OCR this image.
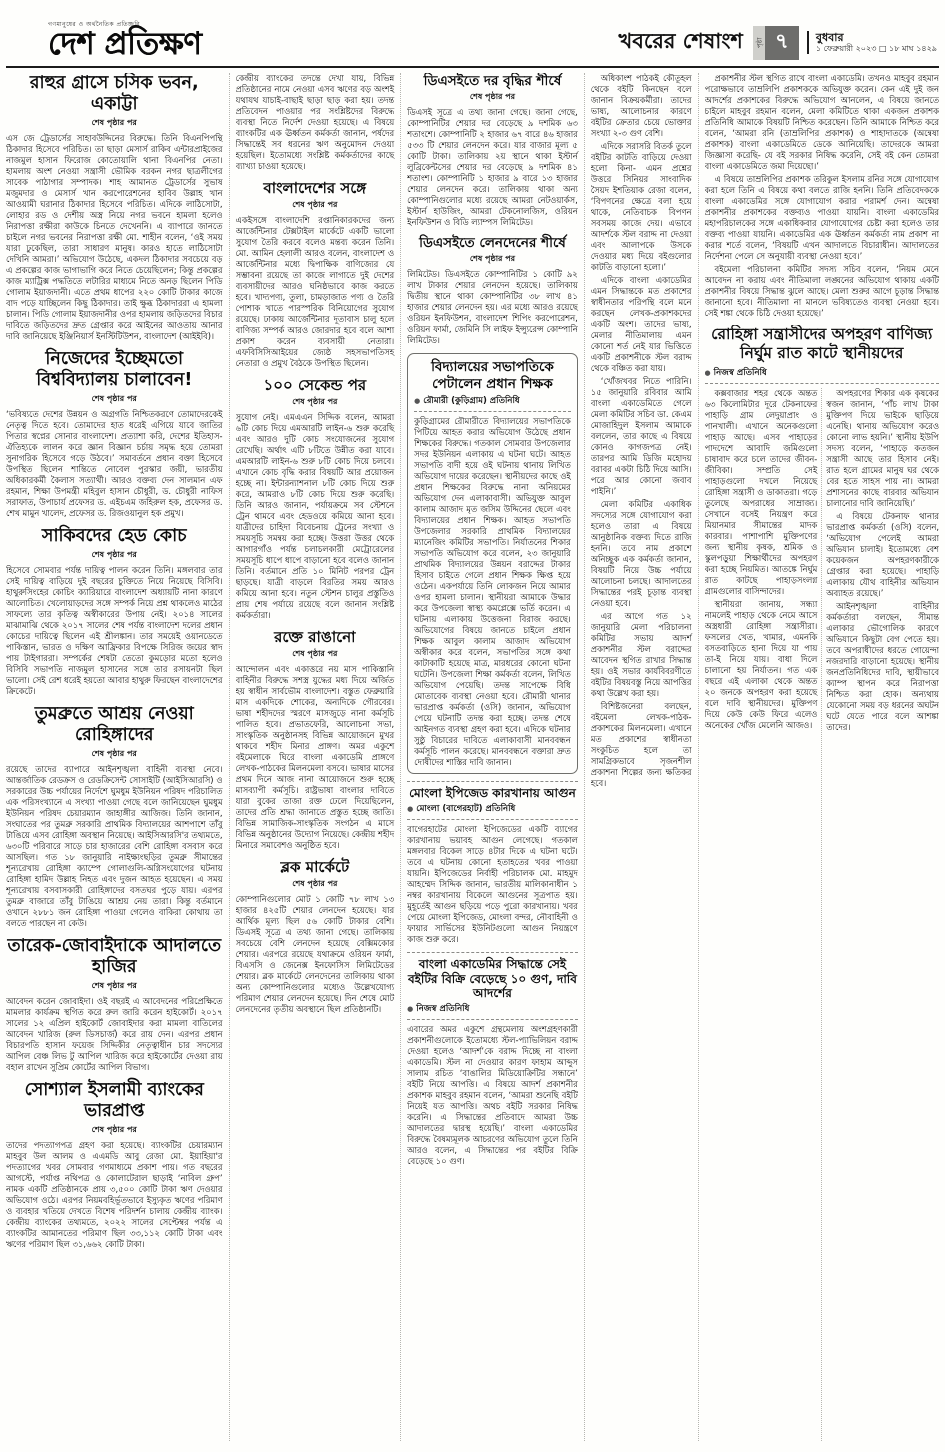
গণমানুষের ও অর্থনৈতিক প্রতিচ্ছবি
দেশ প্রতিক্ষণ	খবরের শেষাংশ	পৃষ্ঠা ৭	বুধবার
১ ফেব্রুয়ারী ২০২৩ □ ১৮ মাঘ ১৪২৯
রাহুর গ্রাসে চসিক ভবন, একাট্টা
শেষ পৃষ্ঠার পর
এস জে ট্রেডার্সের সাহাবউদ্দিনের বিরুদ্ধে। তিনি বিএনপিপন্থি ঠিকাদার হিসেবে পরিচিত। তা ছাড়া মেসার্স রাকিব এন্টারপ্রাইজের নাজমুল হাসান ফিরোজ কোতোয়ালি থানা বিএনপির নেতা। হামলায় অংশ নেওয়া সন্ত্রাসী ভৌমিক বরকন নগর ছাত্রলীগের সাবেক পাঠাগার সম্পাদক। শাহ আমানত ট্রেডার্সের সুভাষ মজুমদার ও মেসার্স খান করপোরেশনের হাবিব উল্লাহ খান আওয়ামী ঘরানার ঠিকাদার হিসেবে পরিচিত। এদিকে লাঠিসোটা, লোহার রড ও দেশীয় অস্ত্র নিয়ে নগর ভবনে হামলা হলেও নিরাপত্তা রক্ষীরা কাউকে চিনতে দেখেননি। এ ব্যাপারে জানতে চাইলে নগর ভবনের নিরাপত্তা রক্ষী মো. শাহীন বলেন, ‘ওই সময় যারা ঢুকেছিল, তারা সাধারণ মানুষ। কারও হাতে লাঠিসোটা দেখিনি আমরা।’ অভিযোগ উঠেছে, একদল ঠিকাদার সবচেয়ে বড় এ প্রকল্পের কাজ ভাগাভাগি করে নিতে চেয়েছিলেন; কিন্তু প্রকল্পের কাজ ম্যাট্রিক্স পদ্ধতিতে লটারির মাধ্যমে নিতে অনড় ছিলেন পিডি গোলাম ইয়াজদানী। এতে প্রথম ধাপের ২২০ কোটি টাকার কাজে বাদ পড়ে যাচ্ছিলেন কিছু ঠিকাদার। তাই ক্ষুব্ধ ঠিকাদাররা এ হামলা চালান। পিডি গোলাম ইয়াজদানীর ওপর হামলায় জড়িতদের বিচার দাবিতে জড়িতদের দ্রুত গ্রেপ্তার করে আইনের আওতায় আনার দাবি জানিয়েছে ইঞ্জিনিয়ার্স ইনস্টিটিউশন, বাংলাদেশ (আইইবি)।
নিজেদের ইচ্ছেমতো বিশ্ববিদ্যালয় চালাবেন!
শেষ পৃষ্ঠার পর
‘ভবিষ্যতে দেশের উন্নয়ন ও অগ্রগতি নিশ্চিতকরণে তোমাদেরকেই নেতৃত্ব দিতে হবে। তোমাদের হাত ধরেই এগিয়ে যাবে জাতির পিতার স্বপ্নের সোনার বাংলাদেশ। প্রত্যাশা করি, দেশের ইতিহাস-ঐতিহ্যকে লালন করে জ্ঞান বিজ্ঞান চর্চায় সমৃদ্ধ হয়ে তোমরা সুনাগরিক হিসেবে গড়ে উঠবে।’ সমাবর্তনে প্রধান বক্তা হিসেবে উপস্থিত ছিলেন শান্তিতে নোবেল পুরস্কার জয়ী, ভারতীয় অধিকারকর্মী কৈলাস সত্যার্থী। আরও বক্তব্য দেন সালমান এফ রহমান, শিক্ষা উপমন্ত্রী মহিবুল হাসান চৌধুরী, ড. চৌধুরী নাফিস সরাফাত, উপাচার্য প্রফেসর ড. এইচএম জহিরুল হক, প্রফেসর ড. শেখ মামুন খালেদ, প্রফেসর ড. রিজওয়ানুল হক প্রমুখ।
সাকিবদের হেড কোচ
শেষ পৃষ্ঠার পর
হিসেবে সোমবার পর্যন্ত দায়িত্ব পালন করেন তিনি। মঙ্গলবার তার সেই দায়িত্ব বাড়িয়ে দুই বছরের চুক্তিতে নিয়ে নিয়েছে বিসিবি। হাথুরুসিংহের কোচিং ক্যারিয়ারে বাংলাদেশ অধ্যায়টি নানা কারণে আলোচিত। খেলোয়াড়দের সঙ্গে সম্পর্ক নিয়ে প্রশ্ন থাকলেও মাঠের সাফল্যে তার কৃতিত্ব অস্বীকারের উপায় নেই। ২০১৪ সালের মাঝামাঝি থেকে ২০১৭ সালের শেষ পর্যন্ত বাংলাদেশ দলের প্রধান কোচের দায়িত্বে ছিলেন এই শ্রীলঙ্কান। তার সময়েই ওয়ানডেতে পাকিস্তান, ভারত ও দক্ষিণ আফ্রিকার বিপক্ষে সিরিজ জয়ের স্বাদ পায় টাইগাররা। সম্পর্কের শেষটা তেতো কুমড়োর মতো হলেও বিসিবি সভাপতি নাজমুল হাসানের সঙ্গে তার রসায়নটা ছিল ভালো। সেই রেশ ধরেই হয়তো আবার হাথুরু ফিরছেন বাংলাদেশের ক্রিকেটে।
তুমব্রুতে আশ্রয় নেওয়া রোহিঙ্গাদের
শেষ পৃষ্ঠার পর
রয়েছে তাদের ব্যাপারে আইনশৃঙ্খলা বাহিনী ব্যবস্থা নেবে। আন্তর্জাতিক রেডক্রস ও রেডক্রিসেন্ট সোসাইটি (আইসিআরসি) ও সরকারের উচ্চ পর্যায়ের নির্দেশে ঘুমধুম ইউনিয়ন পরিষদ পরিচালিত এক পরিসংখ্যানে এ সংখ্যা পাওয়া গেছে বলে জানিয়েছেন ঘুমধুম ইউনিয়ন পরিষদ চেয়ারম্যান জাহাঙ্গীর আজিজ। তিনি জানান, সংঘাতের পর তুমব্রু সরকারি প্রাথমিক বিদ্যালয়ের আশপাশে তাঁবু টাঙিয়ে এসব রোহিঙ্গা অবস্থান নিয়েছে। আইসিআরসি'র তথ্যমতে, ৬৩০টি পরিবারে সাড়ে চার হাজারের বেশি রোহিঙ্গা বসবাস করে আসছিল। গত ১৮ জানুয়ারি নাইক্ষ্যংছড়ির তুমব্রু সীমান্তের শূন্যরেখায় রোহিঙ্গা ক্যাম্পে গোলাগুলি-অগ্নিসংযোগের ঘটনায় রোহিঙ্গা হামিদ উল্লাহ নিহত এবং দুজন আহত হয়েছেন। এ সময় শূন্যরেখায় বসবাসকারী রোহিঙ্গাদের বসতঘর পুড়ে যায়। এরপর তুমব্রু বাজারে তাঁবু টাঙিয়ে আশ্রয় নেয় তারা। কিন্তু বর্তমানে ওখানে ২৮৮১ জন রোহিঙ্গা পাওয়া গেলেও বাকিরা কোথায় তা বলতে পারছেন না কেউ।
তারেক-জোবাইদাকে আদালতে হাজির
শেষ পৃষ্ঠার পর
আবেদন করেন জোবাইদা। ওই বছরই এ আবেদনের পরিপ্রেক্ষিতে মামলার কার্যক্রম স্থগিত করে রুল জারি করেন হাইকোর্ট। ২০১৭ সালের ১২ এপ্রিল হাইকোর্ট জোবাইদার করা মামলা বাতিলের আবেদন খারিজ (রুল ডিসচার্জ) করে রায় দেন। এরপর প্রধান বিচারপতি হাসান ফয়েজ সিদ্দিকীর নেতৃত্বাধীন চার সদস্যের আপিল বেঞ্চ লিভ টু আপিল খারিজ করে হাইকোর্টের দেওয়া রায় বহাল রাখেন সুপ্রিম কোর্টের আপিল বিভাগ।
সোশ্যাল ইসলামী ব্যাংকের ভারপ্রাপ্ত
শেষ পৃষ্ঠার পর
তাদের পদত্যাগপত্র গ্রহণ করা হয়েছে। ব্যাংকটির চেয়ারম্যান মাহবুব উল আলম ও এএমডি আবু রেজা মো. ইয়াহিয়া'র পদত্যাগের খবর সোমবার গণমাধ্যমে প্রকাশ পায়। গত বছরের আগস্টে, পর্যাপ্ত নথিপত্র ও কোলাটেরাল ছাড়াই ‘নাবিল গ্রুপ’ নামক একটি প্রতিষ্ঠানকে প্রায় ৩,৫০০ কোটি টাকা ঋণ দেওয়ার অভিযোগ ওঠে। এরপর নিয়মবহির্ভূতভাবে ইস্যুকৃত ঋণের পরিমাণ ও ব্যবহার খতিয়ে দেখতে বিশেষ পরিদর্শন চালায় কেন্দ্রীয় ব্যাংক। কেন্দ্রীয় ব্যাংকের তথ্যমতে, ২০২২ সালের সেপ্টেম্বর পর্যন্ত এ ব্যাংকটির আমানতের পরিমাণ ছিল ৩৩,১১২ কোটি টাকা এবং ঋণের পরিমাণ ছিল ৩১,৬৬২ কোটি টাকা।
কেন্দ্রীয় ব্যাংকের তদন্তে দেখা যায়, বিভিন্ন প্রতিষ্ঠানের নামে নেওয়া এসব ঋণের বড় অংশই যথাযথ যাচাই-বাছাই ছাড়া ছাড় করা হয়। তদন্ত প্রতিবেদন পাওয়ার পর সংশ্লিষ্টদের বিরুদ্ধে ব্যবস্থা নিতে নির্দেশ দেওয়া হয়েছে। এ বিষয়ে ব্যাংকটির এক ঊর্ধ্বতন কর্মকর্তা জানান, পর্ষদের সিদ্ধান্তেই সব ধরনের ঋণ অনুমোদন দেওয়া হয়েছিল। ইতোমধ্যে সংশ্লিষ্ট কর্মকর্তাদের কাছে ব্যাখ্যা চাওয়া হয়েছে।
বাংলাদেশের সঙ্গে
শেষ পৃষ্ঠার পর
একইসঙ্গে বাংলাদেশি রপ্তানিকারকদের জন্য আর্জেন্টিনার টেক্সটাইল মার্কেটে একটি ভালো সুযোগ তৈরি করবে বলেও মন্তব্য করেন তিনি। মো. আমিন হেলালী আরও বলেন, বাংলাদেশ ও আর্জেন্টিনার মধ্যে দ্বিপাক্ষিক বাণিজ্যের যে সম্ভাবনা রয়েছে তা কাজে লাগাতে দুই দেশের ব্যবসায়ীদের আরও ঘনিষ্ঠভাবে কাজ করতে হবে। খাদ্যপণ্য, তুলা, চামড়াজাত পণ্য ও তৈরি পোশাক খাতে পারস্পরিক বিনিয়োগের সুযোগ রয়েছে। ঢাকায় আর্জেন্টিনার দূতাবাস চালু হলে বাণিজ্য সম্পর্ক আরও জোরদার হবে বলে আশা প্রকাশ করেন ব্যবসায়ী নেতারা। এফবিসিসিআইয়ের জ্যেষ্ঠ সহসভাপতিসহ নেতারা ও প্রমুখ বৈঠকে উপস্থিত ছিলেন।
১০০ সেকেন্ড পর
শেষ পৃষ্ঠার পর
সুযোগ নেই। এমএএন সিদ্দিক বলেন, আমরা ৬টি কোচ দিয়ে এমআরটি লাইন-৬ শুরু করেছি এবং আরও দুটি কোচ সংযোজনের সুযোগ রেখেছি। অর্থাৎ এটি ৮টিতে উন্নীত করা যাবে। এমআরটি লাইন-৬ শুরু ৮টি কোচ দিয়ে চলবে। এখানে কোচ বৃদ্ধি করার বিষয়টি আর প্রয়োজন হচ্ছে না। ইন্টারন্যাশনাল ৮টি কোচ দিয়ে শুরু করে, আমরাও ৮টি কোচ দিয়ে শুরু করেছি। তিনি আরও জানান, পর্যায়ক্রমে সব স্টেশনে ট্রেন থামবে এবং হেডওয়ে কমিয়ে আনা হবে। যাত্রীদের চাহিদা বিবেচনায় ট্রেনের সংখ্যা ও সময়সূচি সমন্বয় করা হচ্ছে। উত্তরা উত্তর থেকে আগারগাঁও পর্যন্ত চলাচলকারী মেট্রোরেলের সময়সূচি ধাপে ধাপে বাড়ানো হবে বলেও জানান তিনি। বর্তমানে প্রতি ১০ মিনিট পরপর ট্রেন ছাড়ছে। যাত্রী বাড়লে বিরতির সময় আরও কমিয়ে আনা হবে। নতুন স্টেশন চালুর প্রস্তুতিও প্রায় শেষ পর্যায়ে রয়েছে বলে জানান সংশ্লিষ্ট কর্মকর্তারা।
রক্তে রাঙানো
শেষ পৃষ্ঠার পর
আন্দোলন এবং একাত্তরে নয় মাস পাকিস্তানি বাহিনীর বিরুদ্ধে সশস্ত্র যুদ্ধের মধ্য দিয়ে অর্জিত হয় স্বাধীন সার্বভৌম বাংলাদেশ। বস্তুত ফেব্রুয়ারি মাস একদিকে শোকের, অন্যদিকে গৌরবের। ভাষা শহীদদের স্মরণে মাসজুড়ে নানা কর্মসূচি পালিত হবে। প্রভাতফেরি, আলোচনা সভা, সাংস্কৃতিক অনুষ্ঠানসহ বিভিন্ন আয়োজনে মুখর থাকবে শহীদ মিনার প্রাঙ্গণ। অমর একুশে বইমেলাকে ঘিরে বাংলা একাডেমি প্রাঙ্গণে লেখক-পাঠকের মিলনমেলা বসবে। ভাষার মাসের প্রথম দিনে আজ নানা আয়োজনে শুরু হচ্ছে মাসব্যাপী কর্মসূচি। রাষ্ট্রভাষা বাংলার দাবিতে যারা বুকের তাজা রক্ত ঢেলে দিয়েছিলেন, তাদের প্রতি শ্রদ্ধা জানাতে প্রস্তুত হচ্ছে জাতি। বিভিন্ন সামাজিক-সাংস্কৃতিক সংগঠন এ মাসে বিভিন্ন অনুষ্ঠানের উদ্যোগ নিয়েছে। কেন্দ্রীয় শহীদ মিনারে সমাবেশও অনুষ্ঠিত হবে।
ব্লক মার্কেটে
শেষ পৃষ্ঠার পর
কোম্পানিগুলোর মোট ১ কোটি ৭৮ লাখ ১৩ হাজার ৪২৫টি শেয়ার লেনদেন হয়েছে। যার আর্থিক মূল্য ছিল ৫৬ কোটি টাকার বেশি। ডিএসই সূত্রে এ তথ্য জানা গেছে। তালিকায় সবচেয়ে বেশি লেনদেন হয়েছে বেক্সিমকোর শেয়ার। এরপরে রয়েছে যথাক্রমে ওরিয়ন ফার্মা, বিএসসি ও জেনেক্স ইনফোসিস লিমিটেডের শেয়ার। ব্লক মার্কেটে লেনদেনের তালিকায় থাকা অন্য কোম্পানিগুলোর মধ্যেও উল্লেখযোগ্য পরিমাণ শেয়ার লেনদেন হয়েছে। দিন শেষে মোট লেনদেনের তৃতীয় অবস্থানে ছিল প্রতিষ্ঠানটি।
ডিএসইতে দর বৃদ্ধির শীর্ষে
শেষ পৃষ্ঠার পর
ডিএসই সূত্রে এ তথ্য জানা গেছে। জানা গেছে, কোম্পানিটির শেয়ার দর বেড়েছে ৯ দশমিক ৬৩ শতাংশে। কোম্পানিটি ২ হাজার ৬৭ বারে ৪৬ হাজার ৫৩৩ টি শেয়ার লেনদেন করে। যার বাজার মূল্য ৫ কোটি টাকা। তালিকায় ২য় স্থানে থাকা ইস্টার্ন লুব্রিকেন্টসের শেয়ার দর বেড়েছে ৯ দশমিক ৪১ শতাংশ। কোম্পানিটি ১ হাজার ৯ বারে ১৩ হাজার শেয়ার লেনদেন করে। তালিকায় থাকা অন্য কোম্পানিগুলোর মধ্যে রয়েছে আমরা নেটওয়ার্কস, ইস্টার্ন হাউজিং, আমরা টেকনোলজিস, ওরিয়ন ইনফিউশন ও বিডি ল্যাম্পস লিমিটেড।
ডিএসইতে লেনদেনের শীর্ষে
শেষ পৃষ্ঠার পর
লিমিটেড। ডিএসইতে কোম্পানিটির ১ কোটি ৯২ লাখ টাকার শেয়ার লেনদেন হয়েছে। তালিকায় দ্বিতীয় স্থানে থাকা কোম্পানিটির ৩৮ লাখ ৪১ হাজার শেয়ার লেনদেন হয়। এর মধ্যে আরও রয়েছে ওরিয়ন ইনফিউশন, বাংলাদেশ শিপিং করপোরেশন, ওরিয়ন ফার্মা, জেমিনি সি লাইফ ইন্স্যুরেন্স কোম্পানি লিমিটেড।
বিদ্যালয়ের সভাপতিকে পেটালেন প্রধান শিক্ষক
● রৌমারী (কুড়িগ্রাম) প্রতিনিধি
কুড়িগ্রামের রৌমারীতে বিদ্যালয়ের সভাপতিকে পিটিয়ে আহত করার অভিযোগ উঠেছে প্রধান শিক্ষকের বিরুদ্ধে। গতকাল সোমবার উপজেলার সদর ইউনিয়ন এলাকায় এ ঘটনা ঘটে। আহত সভাপতি বাদী হয়ে ওই ঘটনায় থানায় লিখিত অভিযোগ দায়ের করেছেন। স্থানীয়দের কাছে ওই প্রধান শিক্ষকের বিরুদ্ধে নানা অনিয়মের অভিযোগ দেন এলাকাবাসী। অভিযুক্ত আবুল কালাম আজাদ মৃত জসিম উদ্দিনের ছেলে এবং বিদ্যালয়ের প্রধান শিক্ষক। আহত সভাপতি উপজেলার সরকারি প্রাথমিক বিদ্যালয়ের ম্যানেজিং কমিটির সভাপতি। নির্যাতনের শিকার সভাপতি অভিযোগ করে বলেন, ২৩ জানুয়ারি প্রাথমিক বিদ্যালয়ের উন্নয়ন বরাদ্দের টাকার হিসাব চাইতে গেলে প্রধান শিক্ষক ক্ষিপ্ত হয়ে ওঠেন। একপর্যায়ে তিনি লোকজন নিয়ে আমার ওপর হামলা চালান। স্থানীয়রা আমাকে উদ্ধার করে উপজেলা স্বাস্থ্য কমপ্লেক্সে ভর্তি করেন। এ ঘটনায় এলাকায় উত্তেজনা বিরাজ করছে। অভিযোগের বিষয়ে জানতে চাইলে প্রধান শিক্ষক আবুল কালাম আজাদ অভিযোগ অস্বীকার করে বলেন, সভাপতির সঙ্গে কথা কাটাকাটি হয়েছে মাত্র, মারধরের কোনো ঘটনা ঘটেনি। উপজেলা শিক্ষা কর্মকর্তা বলেন, লিখিত অভিযোগ পেয়েছি। তদন্ত সাপেক্ষে বিধি মোতাবেক ব্যবস্থা নেওয়া হবে। রৌমারী থানার ভারপ্রাপ্ত কর্মকর্তা (ওসি) জানান, অভিযোগ পেয়ে ঘটনাটি তদন্ত করা হচ্ছে। তদন্ত শেষে আইনগত ব্যবস্থা গ্রহণ করা হবে। এদিকে ঘটনার সুষ্ঠু বিচারের দাবিতে এলাকাবাসী মানববন্ধন কর্মসূচি পালন করেছে। মানববন্ধনে বক্তারা দ্রুত দোষীদের শাস্তির দাবি জানান।
মোংলা ইপিজেড কারখানায় আগুন
● মোংলা (বাগেরহাট) প্রতিনিধি
বাগেরহাটের মোংলা ইপিজেডের একটি ব্যাগের কারখানায় ভয়াবহ আগুন লেগেছে। গতকাল মঙ্গলবার বিকেল সাড়ে ৪টার দিকে এ ঘটনা ঘটে। তবে এ ঘটনায় কোনো হতাহতের খবর পাওয়া যায়নি। ইপিজেডের নির্বাহী পরিচালক মো. মাহমুদ আহম্মেদ সিদ্দিক জানান, ভারতীয় মালিকানাধীন ১ নম্বর কারখানায় বিকেলে আগুনের সূত্রপাত হয়। মুহূর্তেই আগুন ছড়িয়ে পড়ে পুরো কারখানায়। খবর পেয়ে মোংলা ইপিজেড, মোংলা বন্দর, নৌবাহিনী ও ফায়ার সার্ভিসের ইউনিটগুলো আগুন নিয়ন্ত্রণে কাজ শুরু করে।
বাংলা একাডেমির সিদ্ধান্তে সেই বইটির বিক্রি বেড়েছে ১০ গুণ, দাবি আদর্শের
● নিজস্ব প্রতিনিধি
এবারের অমর একুশে গ্রন্থমেলায় অংশগ্রহণকারী প্রকাশনীগুলোকে ইতোমধ্যে স্টল-প্যাভিলিয়ন বরাদ্দ দেওয়া হলেও ‘আদর্শ’কে বরাদ্দ দিচ্ছে না বাংলা একাডেমি। স্টল না দেওয়ার কারণ ফাহাম আব্দুস সালাম রচিত ‘বাঙালির মিডিয়োক্রিটির সন্ধানে’ বইটি নিয়ে আপত্তি। এ বিষয়ে আদর্শ প্রকাশনীর প্রকাশক মাহবুব রহমান বলেন, ‘আমরা শুনেছি বইটি নিয়েই যত আপত্তি। অথচ বইটি সরকার নিষিদ্ধ করেনি। এ সিদ্ধান্তের প্রতিবাদে আমরা উচ্চ আদালতের দ্বারস্থ হয়েছি।’ বাংলা একাডেমির বিরুদ্ধে বৈষম্যমূলক আচরণের অভিযোগ তুলে তিনি আরও বলেন, এ সিদ্ধান্তের পর বইটির বিক্রি বেড়েছে ১০ গুণ।

অধিকাংশ পাঠকই কৌতূহল থেকে বইটি কিনছেন বলে জানান বিক্রয়কর্মীরা। তাদের ভাষ্য, আলোচনার কারণে বইটির ক্রেতার চেয়ে ভোক্তার সংখ্যা ২-৩ গুণ বেশি।

এদিকে সরাসরি বিতর্ক তুলে বইটির কাটতি বাড়িয়ে দেওয়া হলো কিনা- এমন প্রশ্নের উত্তরে সিনিয়র সাংবাদিক সৈয়দ ইশতিয়াক রেজা বলেন, ‘বিপণনের ক্ষেত্রে বলা হয়ে থাকে, নেতিবাচক বিপণন সবসময় কাজে দেয়। এভাবে আদর্শকে স্টল বরাদ্দ না দেওয়া এবং আলাপকে উসকে দেওয়ার মধ্য দিয়ে বইগুলোর কাটতি বাড়ানো হলো।’

এদিকে বাংলা একাডেমির এমন সিদ্ধান্তকে মত প্রকাশের স্বাধীনতার পরিপন্থি বলে মনে করছেন লেখক-প্রকাশকদের একটি অংশ। তাদের ভাষ্য, মেলার নীতিমালায় এমন কোনো শর্ত নেই যার ভিত্তিতে একটি প্রকাশনীকে স্টল বরাদ্দ থেকে বঞ্চিত করা যায়।

‘খোঁজখবর নিতে পারিনি। ১৫ জানুয়ারি রবিবার আমি বাংলা একাডেমিতে গেলে মেলা কমিটির সচিব ডা. কেএম মোজাহিদুল ইসলাম আমাকে বললেন, তার কাছে এ বিষয়ে কোনও কাগজপত্র নেই। তারপর আমি ডিজি মহোদয় বরাবর একটা চিঠি দিয়ে আসি। পরে আর কোনো জবাব পাইনি।’

মেলা কমিটির একাধিক সদস্যের সঙ্গে যোগাযোগ করা হলেও তারা এ বিষয়ে আনুষ্ঠানিক বক্তব্য দিতে রাজি হননি। তবে নাম প্রকাশে অনিচ্ছুক এক কর্মকর্তা জানান, বিষয়টি নিয়ে উচ্চ পর্যায়ে আলোচনা চলছে। আদালতের সিদ্ধান্তের পরই চূড়ান্ত ব্যবস্থা নেওয়া হবে।

এর আগে গত ১২ জানুয়ারি মেলা পরিচালনা কমিটির সভায় আদর্শ প্রকাশনীর স্টল বরাদ্দের আবেদন স্থগিত রাখার সিদ্ধান্ত হয়। ওই সভার কার্যবিবরণীতে বইটির বিষয়বস্তু নিয়ে আপত্তির কথা উল্লেখ করা হয়।

বিশিষ্টজনেরা বলছেন, বইমেলা লেখক-পাঠক-প্রকাশকের মিলনমেলা। এখানে মত প্রকাশের স্বাধীনতা সংকুচিত হলে তা সামগ্রিকভাবে সৃজনশীল প্রকাশনা শিল্পের জন্য ক্ষতিকর হবে।

প্রকাশনীর স্টল স্থগিত রাখে বাংলা একাডেমি। তখনও মাহবুব রহমান পরোক্ষভাবে তাম্রলিপি প্রকাশককে অভিযুক্ত করেন। কেন এই দুই জন আদর্শের প্রকাশকের বিরুদ্ধে অভিযোগ আনলেন, এ বিষয়ে জানতে চাইলে মাহবুব রহমান বলেন, মেলা কমিটিতে থাকা একজন প্রকাশক প্রতিনিধি আমাকে বিষয়টি নিশ্চিত করেছেন। তিনি আমাকে নিশ্চিত করে বলেন, ‘আমরা রনি (তাম্রলিপির প্রকাশক) ও শাহাদাতকে (অন্বেষা প্রকাশক) বাংলা একাডেমিতে ডেকে আনিয়েছি। তাদেরকে আমরা জিজ্ঞাসা করেছি- যে বই সরকার নিষিদ্ধ করেনি, সেই বই কেন তোমরা বাংলা একাডেমিতে জমা দিয়েছো।’

এ বিষয়ে তাম্রলিপির প্রকাশক তরিকুল ইসলাম রনির সঙ্গে যোগাযোগ করা হলে তিনি এ বিষয়ে কথা বলতে রাজি হননি। তিনি প্রতিবেদককে বাংলা একাডেমির সঙ্গে যোগাযোগ করার পরামর্শ দেন। অন্বেষা প্রকাশনীর প্রকাশকের বক্তব্যও পাওয়া যায়নি। বাংলা একাডেমির মহাপরিচালকের সঙ্গে একাধিকবার যোগাযোগের চেষ্টা করা হলেও তার বক্তব্য পাওয়া যায়নি। একাডেমির এক ঊর্ধ্বতন কর্মকর্তা নাম প্রকাশ না করার শর্তে বলেন, ‘বিষয়টি এখন আদালতে বিচারাধীন। আদালতের নির্দেশনা পেলে সে অনুযায়ী ব্যবস্থা নেওয়া হবে।’

বইমেলা পরিচালনা কমিটির সদস্য সচিব বলেন, ‘নিয়ম মেনে আবেদন না করায় এবং নীতিমালা লঙ্ঘনের অভিযোগ থাকায় একটি প্রকাশনীর বিষয়ে সিদ্ধান্ত ঝুলে আছে। মেলা শুরুর আগে চূড়ান্ত সিদ্ধান্ত জানানো হবে। নীতিমালা না মানলে ভবিষ্যতেও ব্যবস্থা নেওয়া হবে। সেই শঙ্কা থেকে চিঠি দেওয়া হয়েছে।’

রোহিঙ্গা সন্ত্রাসীদের অপহরণ বাণিজ্য
নির্ঘুম রাত কাটে স্থানীয়দের
● নিজস্ব প্রতিনিধি

কক্সবাজার শহর থেকে অন্তত ৬৩ কিলোমিটার দূরে টেকনাফের পাহাড়ি গ্রাম লেদুয়াপ্রাং ও পানখালী। এখানে অনেকগুলো পাহাড় আছে। এসব পাহাড়ের পাদদেশে আবাদি জমিগুলো চাষাবাদ করে চলে তাদের জীবন-জীবিকা। সম্প্রতি সেই পাহাড়গুলো দখলে নিয়েছে রোহিঙ্গা সন্ত্রাসী ও ডাকাতরা। গড়ে তুলেছে অপরাধের সাম্রাজ্য। সেখানে বসেই নিয়ন্ত্রণ করে মিয়ানমার সীমান্তের মাদক কারবার। পাশাপাশি মুক্তিপণের জন্য স্থানীয় কৃষক, শ্রমিক ও স্কুলপড়ুয়া শিক্ষার্থীদের অপহরণ করা হচ্ছে নিয়মিত। আতঙ্কে নির্ঘুম রাত কাটছে পাহাড়সংলগ্ন গ্রামগুলোর বাসিন্দাদের।

স্থানীয়রা জানায়, সন্ধ্যা নামলেই পাহাড় থেকে নেমে আসে অস্ত্রধারী রোহিঙ্গা সন্ত্রাসীরা। ফসলের খেত, খামার, এমনকি বসতবাড়িতে হানা দিয়ে যা পায় তা-ই নিয়ে যায়। বাধা দিলে চালানো হয় নির্যাতন। গত এক বছরে এই এলাকা থেকে অন্তত ২০ জনকে অপহরণ করা হয়েছে বলে দাবি স্থানীয়দের। মুক্তিপণ দিয়ে কেউ কেউ ফিরে এলেও অনেকের খোঁজ মেলেনি আজও।

অপহরণের শিকার এক কৃষকের স্বজন জানান, ‘পাঁচ লাখ টাকা মুক্তিপণ দিয়ে ভাইকে ছাড়িয়ে এনেছি। থানায় অভিযোগ করেও কোনো লাভ হয়নি।’ স্থানীয় ইউপি সদস্য বলেন, ‘পাহাড়ে কতজন সন্ত্রাসী আছে তার হিসাব নেই। রাত হলে গ্রামের মানুষ ঘর থেকে বের হতে সাহস পায় না। আমরা প্রশাসনের কাছে বারবার অভিযান চালানোর দাবি জানিয়েছি।’

এ বিষয়ে টেকনাফ থানার ভারপ্রাপ্ত কর্মকর্তা (ওসি) বলেন, ‘অভিযোগ পেলেই আমরা অভিযান চালাই। ইতোমধ্যে বেশ কয়েকজন অপহরণকারীকে গ্রেপ্তার করা হয়েছে। পাহাড়ি এলাকায় যৌথ বাহিনীর অভিযান অব্যাহত রয়েছে।’

আইনশৃঙ্খলা বাহিনীর কর্মকর্তারা বলছেন, সীমান্ত এলাকার ভৌগোলিক কারণে অভিযানে কিছুটা বেগ পেতে হয়। তবে অপরাধীদের ধরতে গোয়েন্দা নজরদারি বাড়ানো হয়েছে। স্থানীয় জনপ্রতিনিধিদের দাবি, স্থায়ীভাবে ক্যাম্প স্থাপন করে নিরাপত্তা নিশ্চিত করা হোক। অন্যথায় যেকোনো সময় বড় ধরনের অঘটন ঘটে যেতে পারে বলে আশঙ্কা তাদের।
